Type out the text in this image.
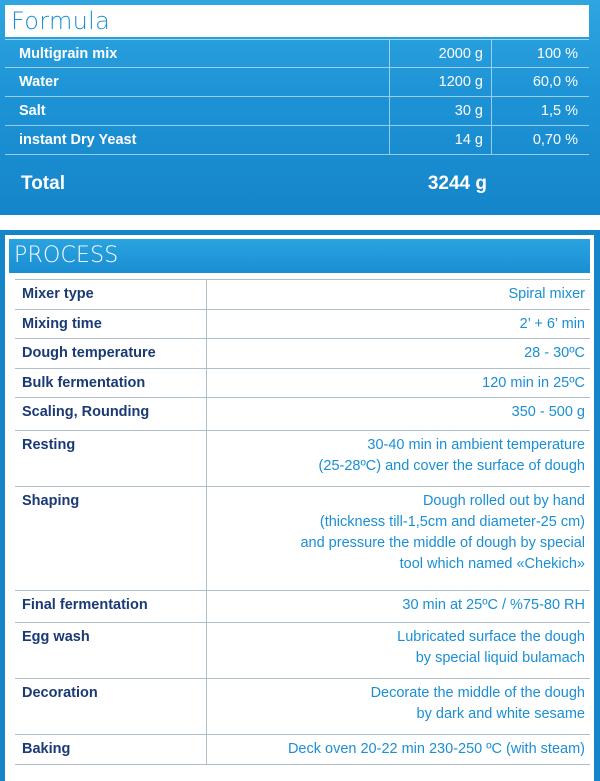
Formula
Multigrain mix	2000 g	100 %
Water	1200 g	60,0 %
Salt	30 g	1,5 %
instant Dry Yeast	14 g	0,70 %
Total	3244 g
PROCESS
Mixer type	Spiral mixer
Mixing time	2’ + 6’ min
Dough temperature	28 - 30ºC
Bulk fermentation	120 min in 25ºC
Scaling, Rounding	350 - 500 g
Resting	30-40 min in ambient temperature
(25-28ºC) and cover the surface of dough
Shaping	Dough rolled out by hand
(thickness till-1,5cm and diameter-25 cm)
and pressure the middle of dough by special
tool which named «Chekich»
Final fermentation	30 min at 25ºC / %75-80 RH
Egg wash	Lubricated surface the dough
by special liquid bulamach
Decoration	Decorate the middle of the dough
by dark and white sesame
Baking	Deck oven 20-22 min 230-250 ºC (with steam)
